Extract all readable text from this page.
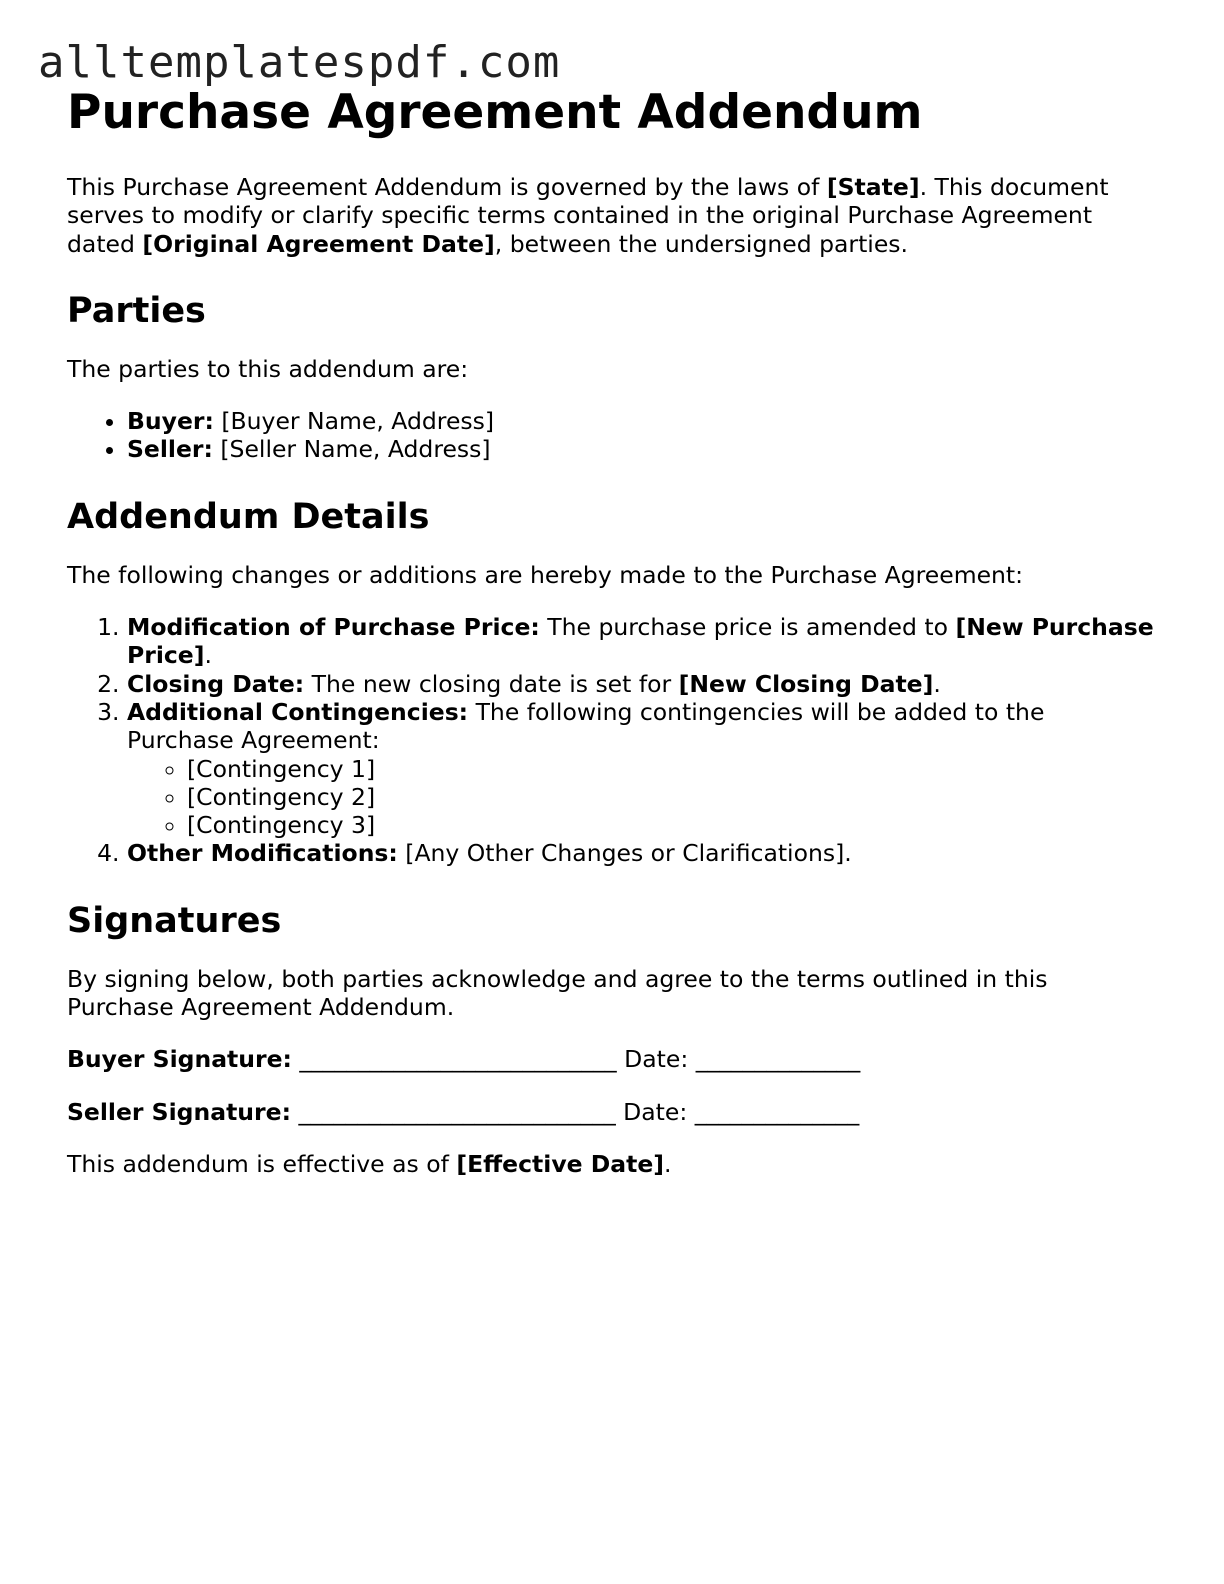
alltemplatespdf.com
Purchase Agreement Addendum

This Purchase Agreement Addendum is governed by the laws of [State]. This document serves to modify or clarify specific terms contained in the original Purchase Agreement dated [Original Agreement Date], between the undersigned parties.

Parties

The parties to this addendum are:

• Buyer: [Buyer Name, Address]
• Seller: [Seller Name, Address]
Addendum Details

The following changes or additions are hereby made to the Purchase Agreement:

1. Modification of Purchase Price: The purchase price is amended to [New Purchase Price].
2. Closing Date: The new closing date is set for [New Closing Date].
3. Additional Contingencies: The following contingencies will be added to the Purchase Agreement:
◦ [Contingency 1]
◦ [Contingency 2]
◦ [Contingency 3]
4. Other Modifications: [Any Other Changes or Clarifications].
Signatures

By signing below, both parties acknowledge and agree to the terms outlined in this Purchase Agreement Addendum.

Buyer Signature: ___________________________ Date: ______________

Seller Signature: ___________________________ Date: ______________

This addendum is effective as of [Effective Date].
